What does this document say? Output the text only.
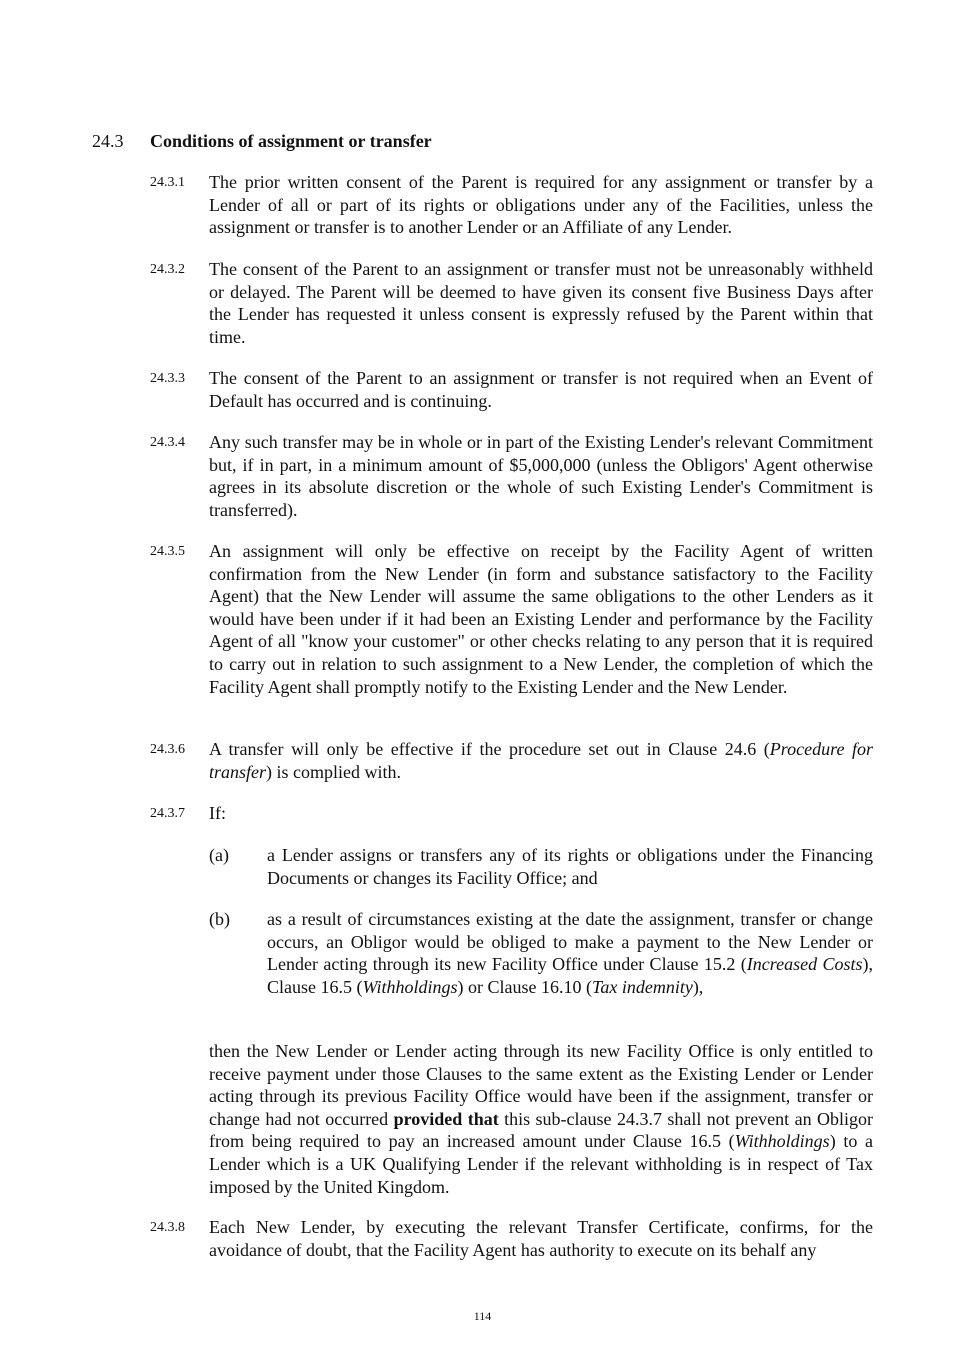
24.3 Conditions of assignment or transfer
24.3.1 The prior written consent of the Parent is required for any assignment or transfer by a Lender of all or part of its rights or obligations under any of the Facilities, unless the assignment or transfer is to another Lender or an Affiliate of any Lender.
24.3.2 The consent of the Parent to an assignment or transfer must not be unreasonably withheld or delayed. The Parent will be deemed to have given its consent five Business Days after the Lender has requested it unless consent is expressly refused by the Parent within that time.
24.3.3 The consent of the Parent to an assignment or transfer is not required when an Event of Default has occurred and is continuing.
24.3.4 Any such transfer may be in whole or in part of the Existing Lender's relevant Commitment but, if in part, in a minimum amount of $5,000,000 (unless the Obligors' Agent otherwise agrees in its absolute discretion or the whole of such Existing Lender's Commitment is transferred).
24.3.5 An assignment will only be effective on receipt by the Facility Agent of written confirmation from the New Lender (in form and substance satisfactory to the Facility Agent) that the New Lender will assume the same obligations to the other Lenders as it would have been under if it had been an Existing Lender and performance by the Facility Agent of all "know your customer" or other checks relating to any person that it is required to carry out in relation to such assignment to a New Lender, the completion of which the Facility Agent shall promptly notify to the Existing Lender and the New Lender.
24.3.6 A transfer will only be effective if the procedure set out in Clause 24.6 (Procedure for transfer) is complied with.
24.3.7 If:
(a) a Lender assigns or transfers any of its rights or obligations under the Financing Documents or changes its Facility Office; and
(b) as a result of circumstances existing at the date the assignment, transfer or change occurs, an Obligor would be obliged to make a payment to the New Lender or Lender acting through its new Facility Office under Clause 15.2 (Increased Costs), Clause 16.5 (Withholdings) or Clause 16.10 (Tax indemnity),
then the New Lender or Lender acting through its new Facility Office is only entitled to receive payment under those Clauses to the same extent as the Existing Lender or Lender acting through its previous Facility Office would have been if the assignment, transfer or change had not occurred provided that this sub-clause 24.3.7 shall not prevent an Obligor from being required to pay an increased amount under Clause 16.5 (Withholdings) to a Lender which is a UK Qualifying Lender if the relevant withholding is in respect of Tax imposed by the United Kingdom.
24.3.8 Each New Lender, by executing the relevant Transfer Certificate, confirms, for the avoidance of doubt, that the Facility Agent has authority to execute on its behalf any
114
